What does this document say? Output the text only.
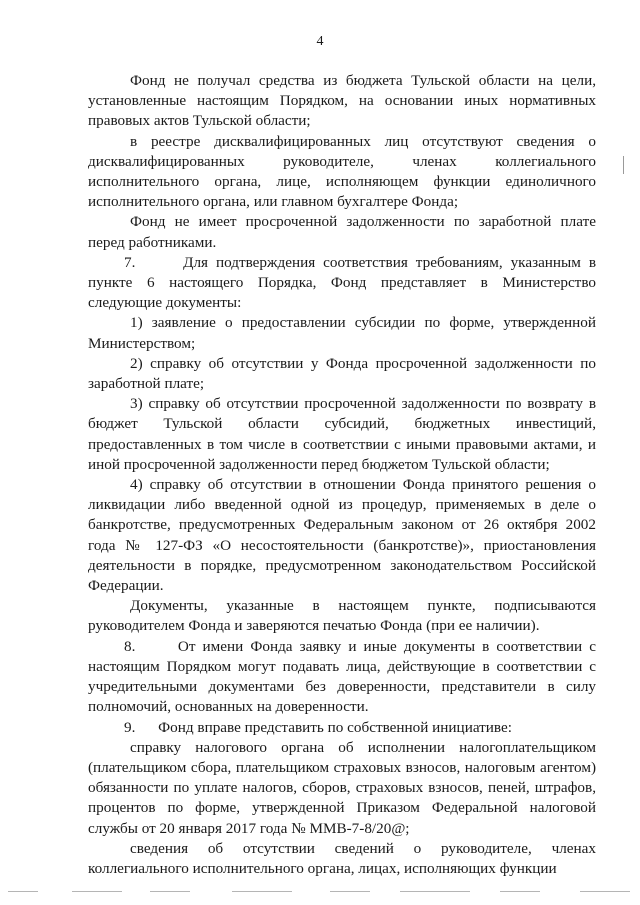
4

Фонд не получал средства из бюджета Тульской области на цели, установленные настоящим Порядком, на основании иных нормативных правовых актов Тульской области;

в реестре дисквалифицированных лиц отсутствуют сведения о дисквалифицированных руководителе, членах коллегиального исполнительного органа, лице, исполняющем функции единоличного исполнительного органа, или главном бухгалтере Фонда;

Фонд не имеет просроченной задолженности по заработной плате перед работниками.

7.      Для подтверждения соответствия требованиям, указанным в пункте 6 настоящего Порядка, Фонд представляет в Министерство следующие документы:

1) заявление о предоставлении субсидии по форме, утвержденной Министерством;

2) справку об отсутствии у Фонда просроченной задолженности по заработной плате;

3) справку об отсутствии просроченной задолженности по возврату в бюджет Тульской области субсидий, бюджетных инвестиций, предоставленных в том числе в соответствии с иными правовыми актами, и иной просроченной задолженности перед бюджетом Тульской области;

4) справку об отсутствии в отношении Фонда принятого решения о ликвидации либо введенной одной из процедур, применяемых в деле о банкротстве, предусмотренных Федеральным законом от 26 октября 2002 года № 127-ФЗ «О несостоятельности (банкротстве)», приостановления деятельности в порядке, предусмотренном законодательством Российской Федерации.

Документы, указанные в настоящем пункте, подписываются руководителем Фонда и заверяются печатью Фонда (при ее наличии).

8.      От имени Фонда заявку и иные документы в соответствии с настоящим Порядком могут подавать лица, действующие в соответствии с учредительными документами без доверенности, представители в силу полномочий, основанных на доверенности.

9.      Фонд вправе представить по собственной инициативе:

справку налогового органа об исполнении налогоплательщиком (плательщиком сбора, плательщиком страховых взносов, налоговым агентом) обязанности по уплате налогов, сборов, страховых взносов, пеней, штрафов, процентов по форме, утвержденной Приказом Федеральной налоговой службы от 20 января 2017 года № ММВ-7-8/20@;

сведения об отсутствии сведений о руководителе, членах коллегиального исполнительного органа, лицах, исполняющих функции
